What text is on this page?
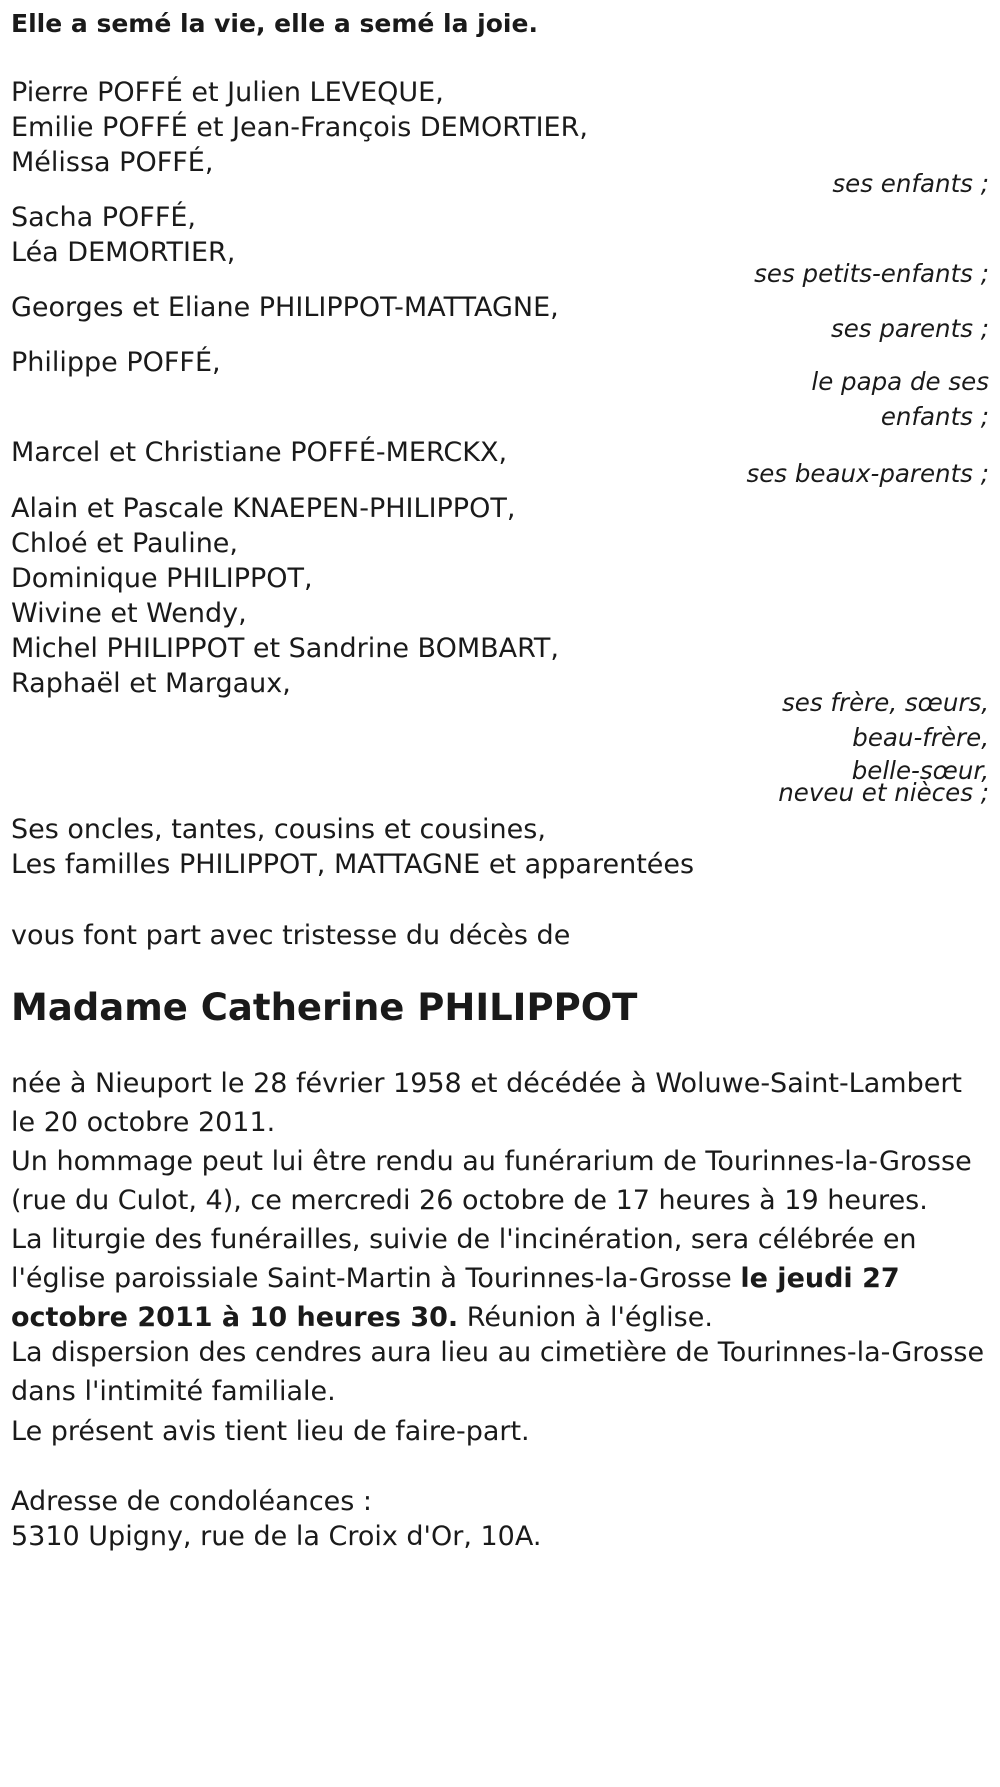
Elle a semé la vie, elle a semé la joie.
Pierre POFFÉ et Julien LEVEQUE,
Emilie POFFÉ et Jean-François DEMORTIER,
Mélissa POFFÉ,
ses enfants ;
Sacha POFFÉ,
Léa DEMORTIER,
ses petits-enfants ;
Georges et Eliane PHILIPPOT-MATTAGNE,
ses parents ;
Philippe POFFÉ,
le papa de ses enfants ;
Marcel et Christiane POFFÉ-MERCKX,
ses beaux-parents ;
Alain et Pascale KNAEPEN-PHILIPPOT,
Chloé et Pauline,
Dominique PHILIPPOT,
Wivine et Wendy,
Michel PHILIPPOT et Sandrine BOMBART,
Raphaël et Margaux,
ses frère, sœurs,
beau-frère,
belle-sœur,
neveu et nièces ;
Ses oncles, tantes, cousins et cousines,
Les familles PHILIPPOT, MATTAGNE et apparentées
vous font part avec tristesse du décès de
Madame Catherine PHILIPPOT
née à Nieuport le 28 février 1958 et décédée à Woluwe-Saint-Lambert le 20 octobre 2011.
Un hommage peut lui être rendu au funérarium de Tourinnes-la-Grosse (rue du Culot, 4), ce mercredi 26 octobre de 17 heures à 19 heures.
La liturgie des funérailles, suivie de l'incinération, sera célébrée en l'église paroissiale Saint-Martin à Tourinnes-la-Grosse le jeudi 27 octobre 2011 à 10 heures 30. Réunion à l'église.
La dispersion des cendres aura lieu au cimetière de Tourinnes-la-Grosse dans l'intimité familiale.
Le présent avis tient lieu de faire-part.
Adresse de condoléances :
5310 Upigny, rue de la Croix d'Or, 10A.
